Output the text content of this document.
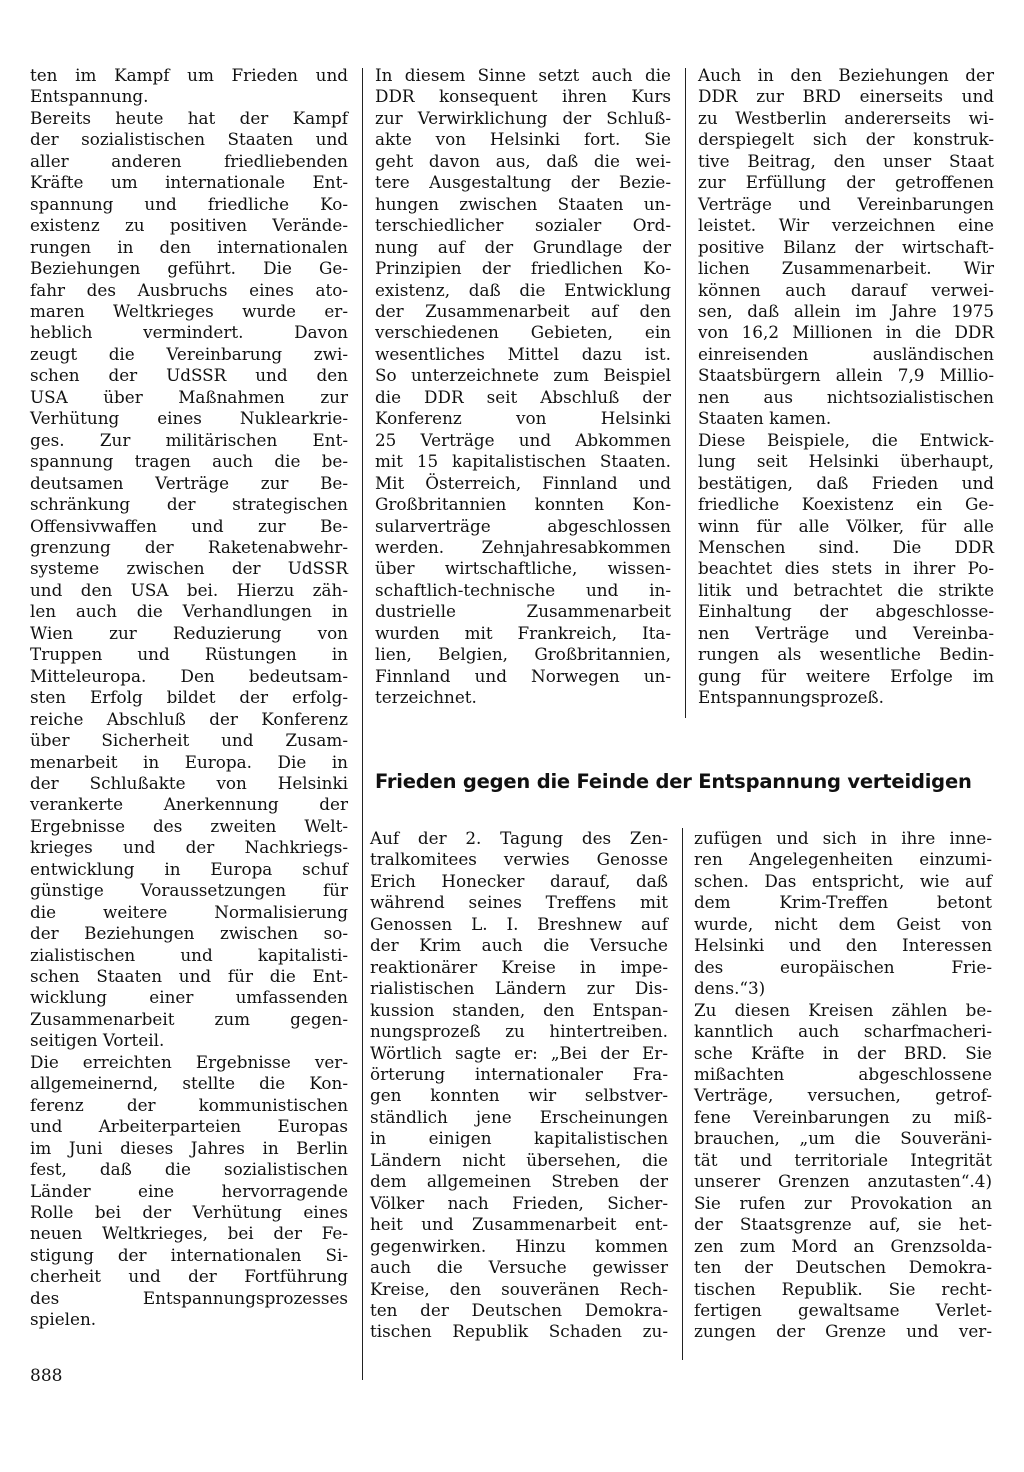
ten im Kampf um Frieden und
Entspannung.
Bereits heute hat der Kampf
der sozialistischen Staaten und
aller anderen friedliebenden
Kräfte um internationale Ent-
spannung und friedliche Ko-
existenz zu positiven Verände-
rungen in den internationalen
Beziehungen geführt. Die Ge-
fahr des Ausbruchs eines ato-
maren Weltkrieges wurde er-
heblich vermindert. Davon
zeugt die Vereinbarung zwi-
schen der UdSSR und den
USA über Maßnahmen zur
Verhütung eines Nuklearkrie-
ges. Zur militärischen Ent-
spannung tragen auch die be-
deutsamen Verträge zur Be-
schränkung der strategischen
Offensivwaffen und zur Be-
grenzung der Raketenabwehr-
systeme zwischen der UdSSR
und den USA bei. Hierzu zäh-
len auch die Verhandlungen in
Wien zur Reduzierung von
Truppen und Rüstungen in
Mitteleuropa. Den bedeutsam-
sten Erfolg bildet der erfolg-
reiche Abschluß der Konferenz
über Sicherheit und Zusam-
menarbeit in Europa. Die in
der Schlußakte von Helsinki
verankerte Anerkennung der
Ergebnisse des zweiten Welt-
krieges und der Nachkriegs-
entwicklung in Europa schuf
günstige Voraussetzungen für
die weitere Normalisierung
der Beziehungen zwischen so-
zialistischen und kapitalisti-
schen Staaten und für die Ent-
wicklung einer umfassenden
Zusammenarbeit zum gegen-
seitigen Vorteil.
Die erreichten Ergebnisse ver-
allgemeinernd, stellte die Kon-
ferenz der kommunistischen
und Arbeiterparteien Europas
im Juni dieses Jahres in Berlin
fest, daß die sozialistischen
Länder eine hervorragende
Rolle bei der Verhütung eines
neuen Weltkrieges, bei der Fe-
stigung der internationalen Si-
cherheit und der Fortführung
des Entspannungsprozesses
spielen.
In diesem Sinne setzt auch die
DDR konsequent ihren Kurs
zur Verwirklichung der Schluß-
akte von Helsinki fort. Sie
geht davon aus, daß die wei-
tere Ausgestaltung der Bezie-
hungen zwischen Staaten un-
terschiedlicher sozialer Ord-
nung auf der Grundlage der
Prinzipien der friedlichen Ko-
existenz, daß die Entwicklung
der Zusammenarbeit auf den
verschiedenen Gebieten, ein
wesentliches Mittel dazu ist.
So unterzeichnete zum Beispiel
die DDR seit Abschluß der
Konferenz von Helsinki
25 Verträge und Abkommen
mit 15 kapitalistischen Staaten.
Mit Österreich, Finnland und
Großbritannien konnten Kon-
sularverträge abgeschlossen
werden. Zehnjahresabkommen
über wirtschaftliche, wissen-
schaftlich-technische und in-
dustrielle Zusammenarbeit
wurden mit Frankreich, Ita-
lien, Belgien, Großbritannien,
Finnland und Norwegen un-
terzeichnet.
Auch in den Beziehungen der
DDR zur BRD einerseits und
zu Westberlin andererseits wi-
derspiegelt sich der konstruk-
tive Beitrag, den unser Staat
zur Erfüllung der getroffenen
Verträge und Vereinbarungen
leistet. Wir verzeichnen eine
positive Bilanz der wirtschaft-
lichen Zusammenarbeit. Wir
können auch darauf verwei-
sen, daß allein im Jahre 1975
von 16,2 Millionen in die DDR
einreisenden ausländischen
Staatsbürgern allein 7,9 Millio-
nen aus nichtsozialistischen
Staaten kamen.
Diese Beispiele, die Entwick-
lung seit Helsinki überhaupt,
bestätigen, daß Frieden und
friedliche Koexistenz ein Ge-
winn für alle Völker, für alle
Menschen sind. Die DDR
beachtet dies stets in ihrer Po-
litik und betrachtet die strikte
Einhaltung der abgeschlosse-
nen Verträge und Vereinba-
rungen als wesentliche Bedin-
gung für weitere Erfolge im
Entspannungsprozeß.
Frieden gegen die Feinde der Entspannung verteidigen
Auf der 2. Tagung des Zen-
tralkomitees verwies Genosse
Erich Honecker darauf, daß
während seines Treffens mit
Genossen L. I. Breshnew auf
der Krim auch die Versuche
reaktionärer Kreise in impe-
rialistischen Ländern zur Dis-
kussion standen, den Entspan-
nungsprozeß zu hintertreiben.
Wörtlich sagte er: „Bei der Er-
örterung internationaler Fra-
gen konnten wir selbstver-
ständlich jene Erscheinungen
in einigen kapitalistischen
Ländern nicht übersehen, die
dem allgemeinen Streben der
Völker nach Frieden, Sicher-
heit und Zusammenarbeit ent-
gegenwirken. Hinzu kommen
auch die Versuche gewisser
Kreise, den souveränen Rech-
ten der Deutschen Demokra-
tischen Republik Schaden zu-
zufügen und sich in ihre inne-
ren Angelegenheiten einzumi-
schen. Das entspricht, wie auf
dem Krim-Treffen betont
wurde, nicht dem Geist von
Helsinki und den Interessen
des europäischen Frie-
dens.“3)
Zu diesen Kreisen zählen be-
kanntlich auch scharfmacheri-
sche Kräfte in der BRD. Sie
mißachten abgeschlossene
Verträge, versuchen, getrof-
fene Vereinbarungen zu miß-
brauchen, „um die Souveräni-
tät und territoriale Integrität
unserer Grenzen anzutasten“.4)
Sie rufen zur Provokation an
der Staatsgrenze auf, sie het-
zen zum Mord an Grenzsolda-
ten der Deutschen Demokra-
tischen Republik. Sie recht-
fertigen gewaltsame Verlet-
zungen der Grenze und ver-
888
